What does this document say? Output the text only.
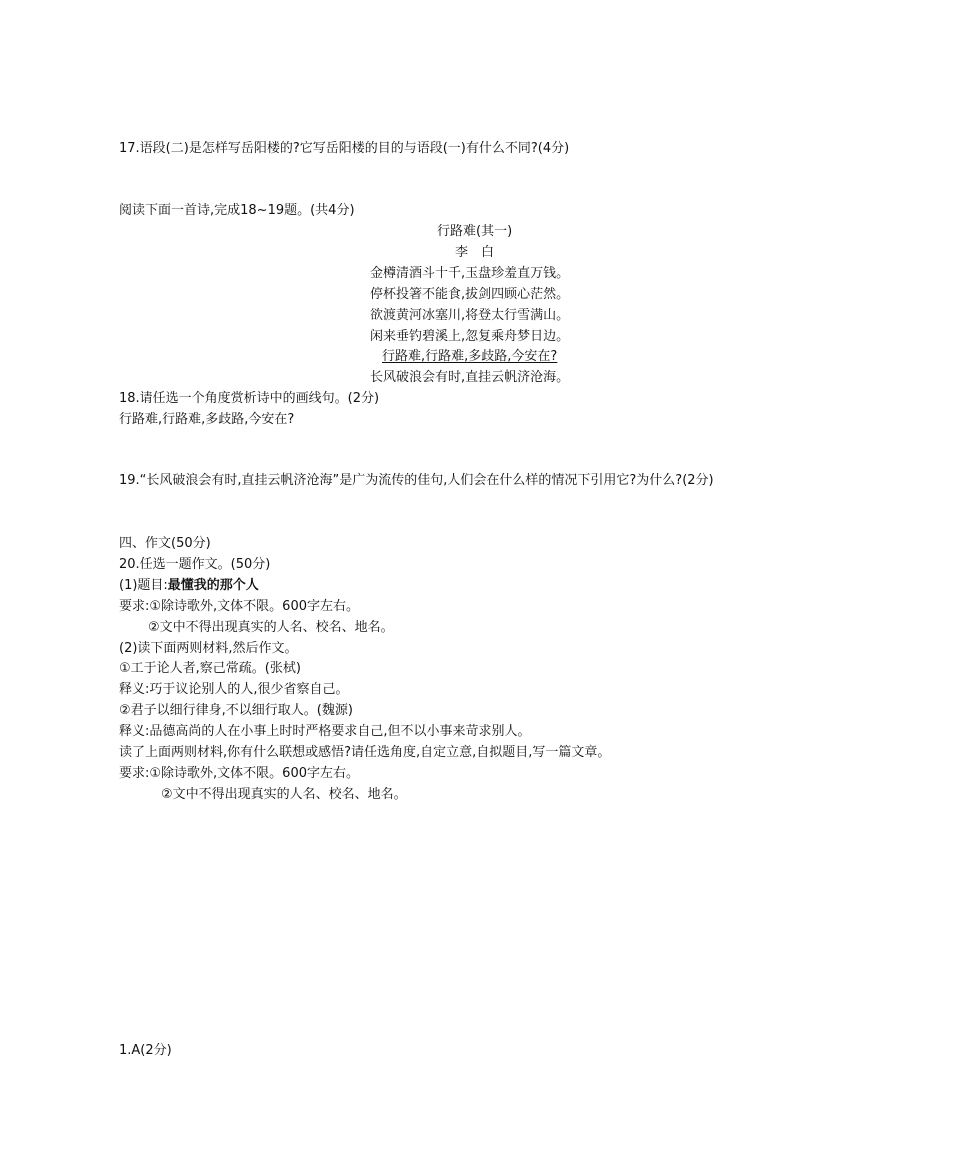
17.语段(二)是怎样写岳阳楼的?它写岳阳楼的目的与语段(一)有什么不同?(4分)
阅读下面一首诗,完成18~19题。(共4分)
行路难(其一)
李　白
金樽清酒斗十千,玉盘珍羞直万钱。
停杯投箸不能食,拔剑四顾心茫然。
欲渡黄河冰塞川,将登太行雪满山。
闲来垂钓碧溪上,忽复乘舟梦日边。
行路难,行路难,多歧路,今安在?
长风破浪会有时,直挂云帆济沧海。
18.请任选一个角度赏析诗中的画线句。(2分)
行路难,行路难,多歧路,今安在?
19.“长风破浪会有时,直挂云帆济沧海”是广为流传的佳句,人们会在什么样的情况下引用它?为什么?(2分)
四、作文(50分)
20.任选一题作文。(50分)
(1)题目:最懂我的那个人
要求:①除诗歌外,文体不限。600字左右。
②文中不得出现真实的人名、校名、地名。
(2)读下面两则材料,然后作文。
①工于论人者,察己常疏。(张栻)
释义:巧于议论别人的人,很少省察自己。
②君子以细行律身,不以细行取人。(魏源)
释义:品德高尚的人在小事上时时严格要求自己,但不以小事来苛求别人。
读了上面两则材料,你有什么联想或感悟?请任选角度,自定立意,自拟题目,写一篇文章。
要求:①除诗歌外,文体不限。600字左右。
②文中不得出现真实的人名、校名、地名。
1.A(2分)
